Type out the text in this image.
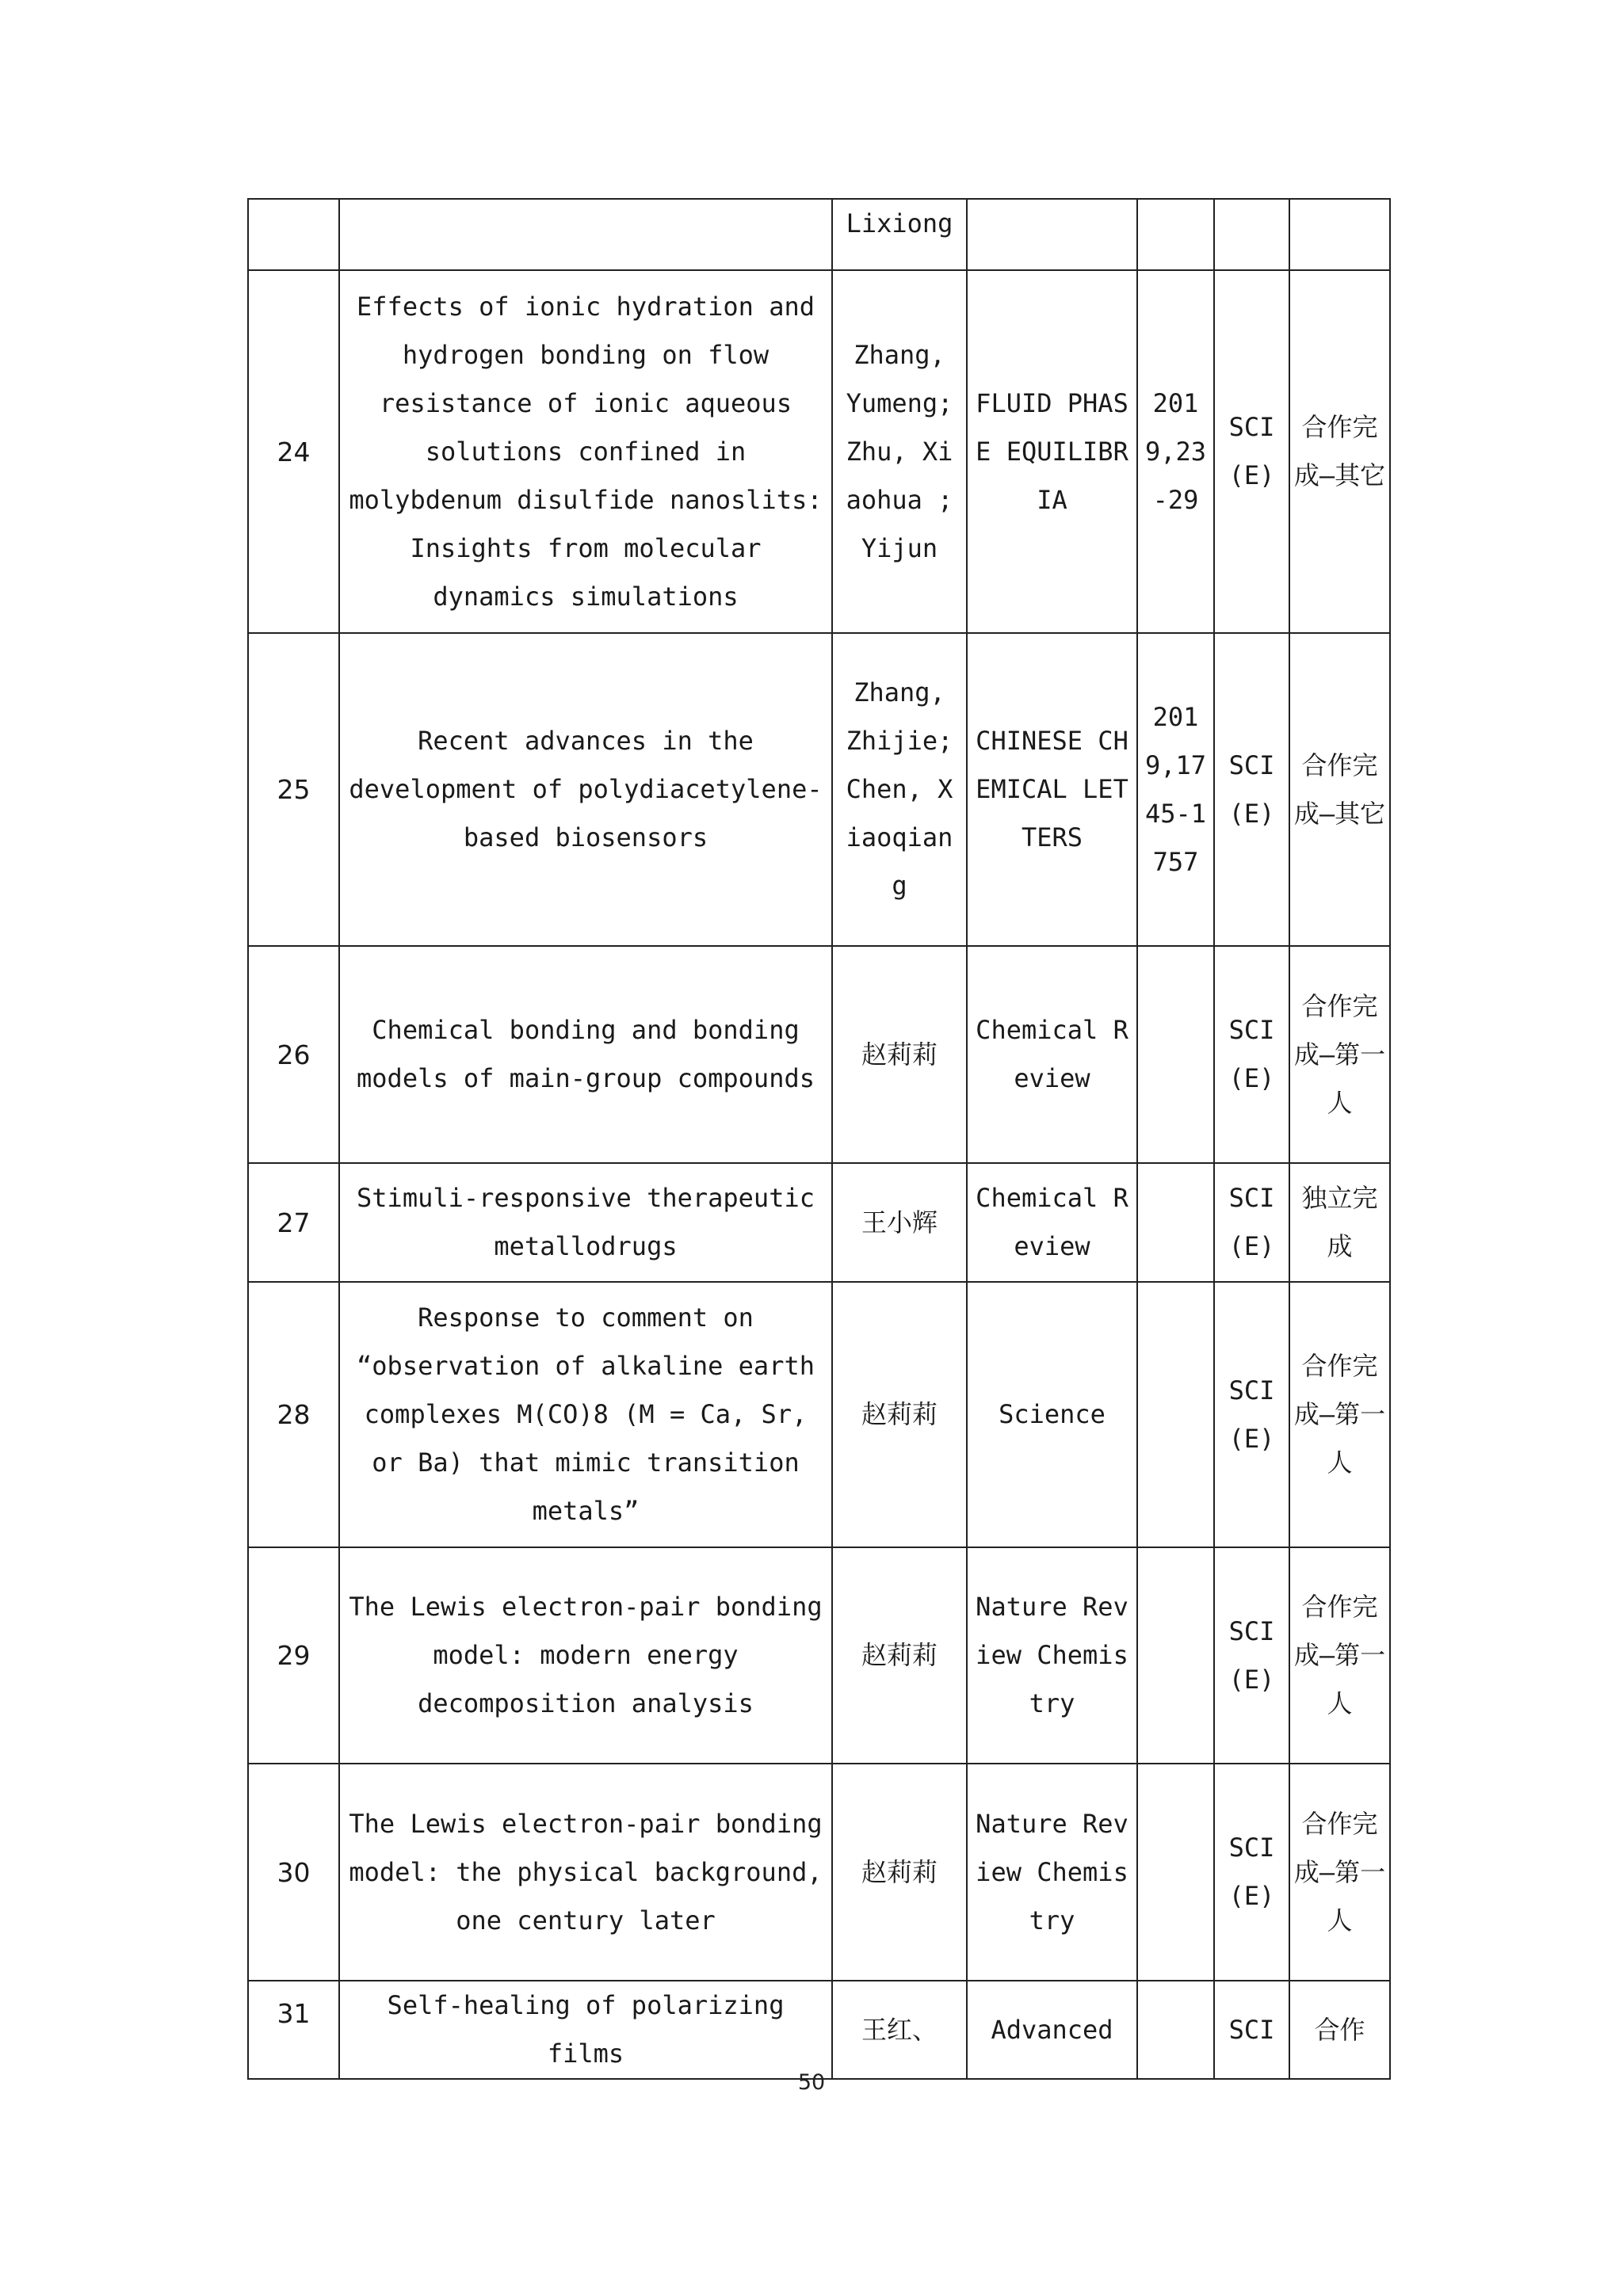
		Lixiong				
24	Effects of ionic hydration and hydrogen bonding on flow resistance of ionic aqueous solutions confined in molybdenum disulfide nanoslits: Insights from molecular dynamics simulations	Zhang, Yumeng; Zhu, Xiaohua ;Yijun	FLUID PHASE EQUILIBRIA	2019,23-29	SCI (E)	合作完成—其它
25	Recent advances in the development of polydiacetylene-based biosensors	Zhang, Zhijie; Chen, Xiaoqiang	CHINESE CHEMICAL LETTERS	2019,1745-1757	SCI (E)	合作完成—其它
26	Chemical bonding and bonding models of main-group compounds	赵莉莉	Chemical Review		SCI (E)	合作完成—第一人
27	Stimuli-responsive therapeutic metallodrugs	王小辉	Chemical Review		SCI (E)	独立完成
28	Response to comment on “observation of alkaline earth complexes M(CO)8 (M = Ca, Sr, or Ba) that mimic transition metals”	赵莉莉	Science		SCI (E)	合作完成—第一人
29	The Lewis electron-pair bonding model: modern energy decomposition analysis	赵莉莉	Nature Review Chemistry		SCI (E)	合作完成—第一人
30	The Lewis electron-pair bonding model: the physical background, one century later	赵莉莉	Nature Review Chemistry		SCI (E)	合作完成—第一人
31	Self-healing of polarizing films	王红、	Advanced		SCI	合作
50
